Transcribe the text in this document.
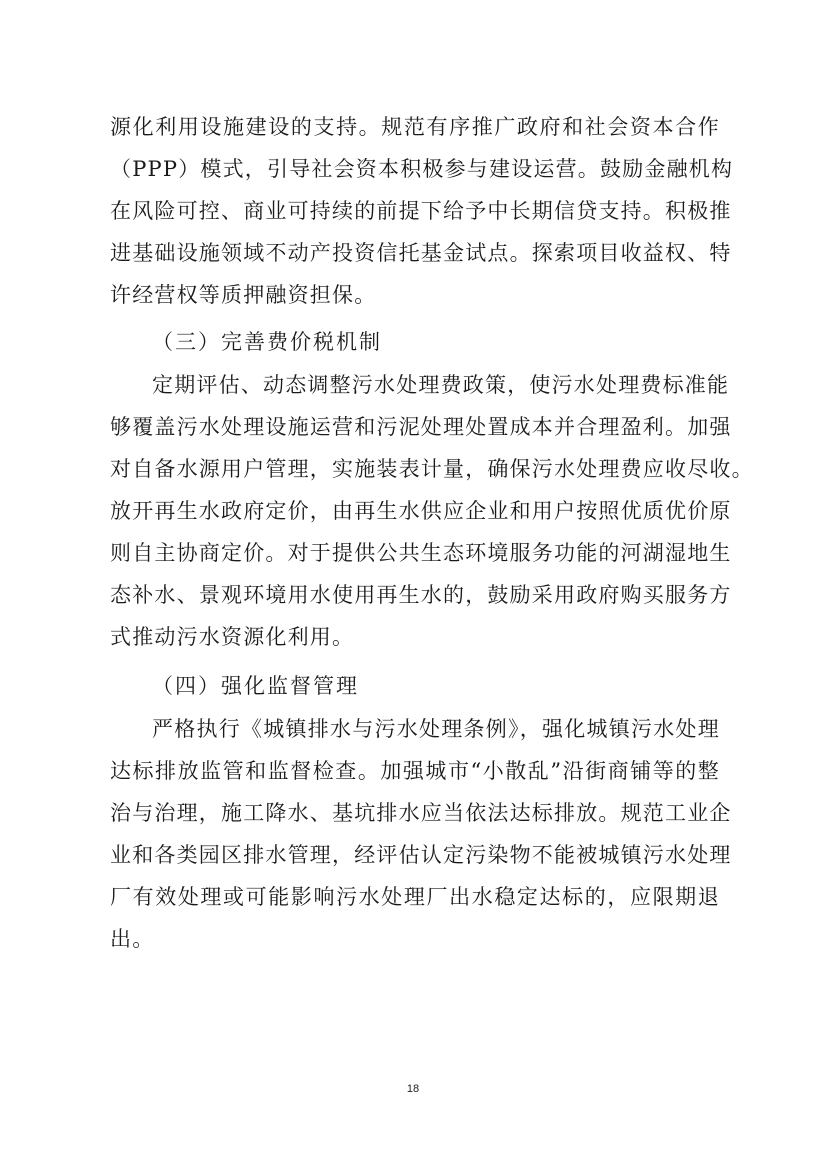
源化利用设施建设的支持。规范有序推广政府和社会资本合作
（PPP）模式，引导社会资本积极参与建设运营。鼓励金融机构
在风险可控、商业可持续的前提下给予中长期信贷支持。积极推
进基础设施领域不动产投资信托基金试点。探索项目收益权、特
许经营权等质押融资担保。
（三）完善费价税机制
定期评估、动态调整污水处理费政策，使污水处理费标准能
够覆盖污水处理设施运营和污泥处理处置成本并合理盈利。加强
对自备水源用户管理，实施装表计量，确保污水处理费应收尽收。
放开再生水政府定价，由再生水供应企业和用户按照优质优价原
则自主协商定价。对于提供公共生态环境服务功能的河湖湿地生
态补水、景观环境用水使用再生水的，鼓励采用政府购买服务方
式推动污水资源化利用。
（四）强化监督管理
严格执行《城镇排水与污水处理条例》，强化城镇污水处理
达标排放监管和监督检查。加强城市“小散乱”沿街商铺等的整
治与治理，施工降水、基坑排水应当依法达标排放。规范工业企
业和各类园区排水管理，经评估认定污染物不能被城镇污水处理
厂有效处理或可能影响污水处理厂出水稳定达标的，应限期退
出。
18
